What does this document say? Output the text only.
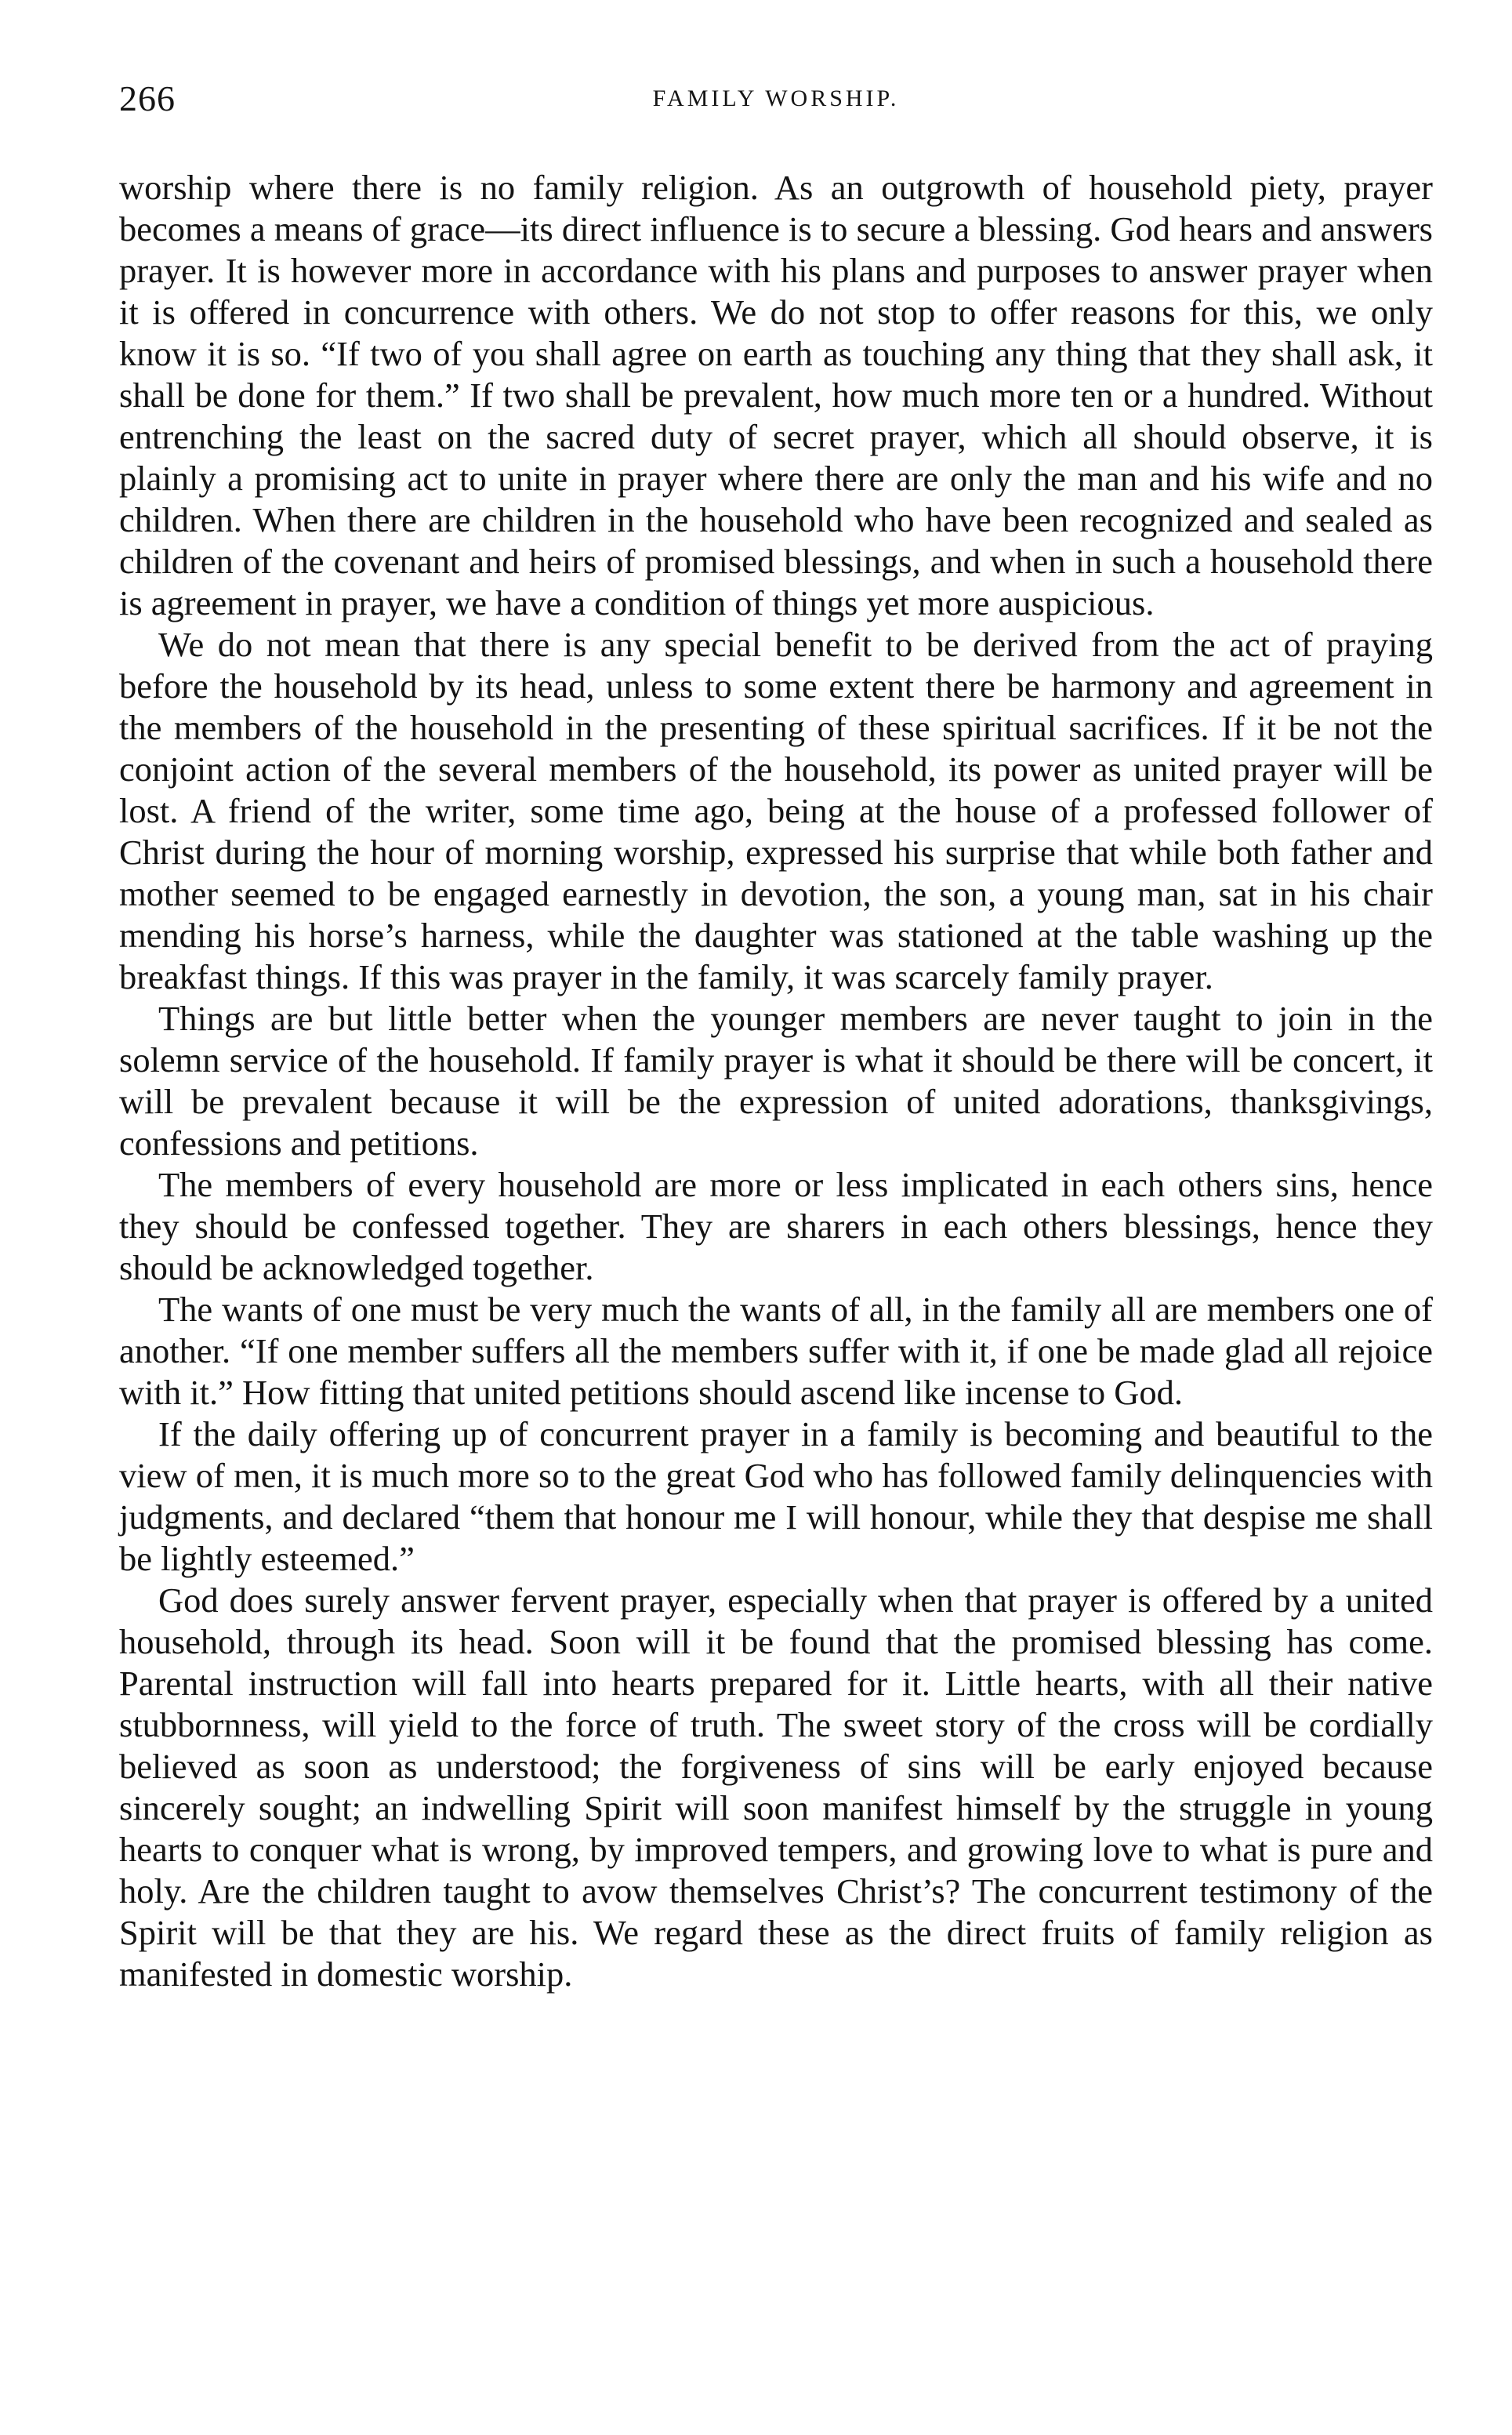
266	FAMILY WORSHIP.

worship where there is no family religion. As an outgrowth of household piety, prayer becomes a means of grace—its direct influence is to secure a blessing. God hears and answers prayer. It is however more in accordance with his plans and purposes to answer prayer when it is offered in concurrence with others. We do not stop to offer reasons for this, we only know it is so. “If two of you shall agree on earth as touching any thing that they shall ask, it shall be done for them.” If two shall be prevalent, how much more ten or a hundred. Without entrenching the least on the sacred duty of secret prayer, which all should observe, it is plainly a promising act to unite in prayer where there are only the man and his wife and no children. When there are children in the household who have been recognized and sealed as children of the covenant and heirs of promised blessings, and when in such a household there is agreement in prayer, we have a condition of things yet more auspicious.

We do not mean that there is any special benefit to be derived from the act of praying before the household by its head, unless to some extent there be harmony and agreement in the members of the household in the presenting of these spiritual sacrifices. If it be not the conjoint action of the several members of the household, its power as united prayer will be lost. A friend of the writer, some time ago, being at the house of a professed follower of Christ during the hour of morning worship, expressed his surprise that while both father and mother seemed to be engaged earnestly in devotion, the son, a young man, sat in his chair mending his horse’s harness, while the daughter was stationed at the table washing up the breakfast things. If this was prayer in the family, it was scarcely family prayer.

Things are but little better when the younger members are never taught to join in the solemn service of the household. If family prayer is what it should be there will be concert, it will be prevalent because it will be the expression of united adorations, thanksgivings, confessions and petitions.

The members of every household are more or less implicated in each others sins, hence they should be confessed together. They are sharers in each others blessings, hence they should be acknowledged together.

The wants of one must be very much the wants of all, in the family all are members one of another. “If one member suffers all the members suffer with it, if one be made glad all rejoice with it.” How fitting that united petitions should ascend like incense to God.

If the daily offering up of concurrent prayer in a family is becoming and beautiful to the view of men, it is much more so to the great God who has followed family delinquencies with judgments, and declared “them that honour me I will honour, while they that despise me shall be lightly esteemed.”

God does surely answer fervent prayer, especially when that prayer is offered by a united household, through its head. Soon will it be found that the promised blessing has come. Parental instruction will fall into hearts prepared for it. Little hearts, with all their native stubbornness, will yield to the force of truth. The sweet story of the cross will be cordially believed as soon as understood; the forgiveness of sins will be early enjoyed because sincerely sought; an indwelling Spirit will soon manifest himself by the struggle in young hearts to conquer what is wrong, by improved tempers, and growing love to what is pure and holy. Are the children taught to avow themselves Christ’s? The concurrent testimony of the Spirit will be that they are his. We regard these as the direct fruits of family religion as manifested in domestic worship.
